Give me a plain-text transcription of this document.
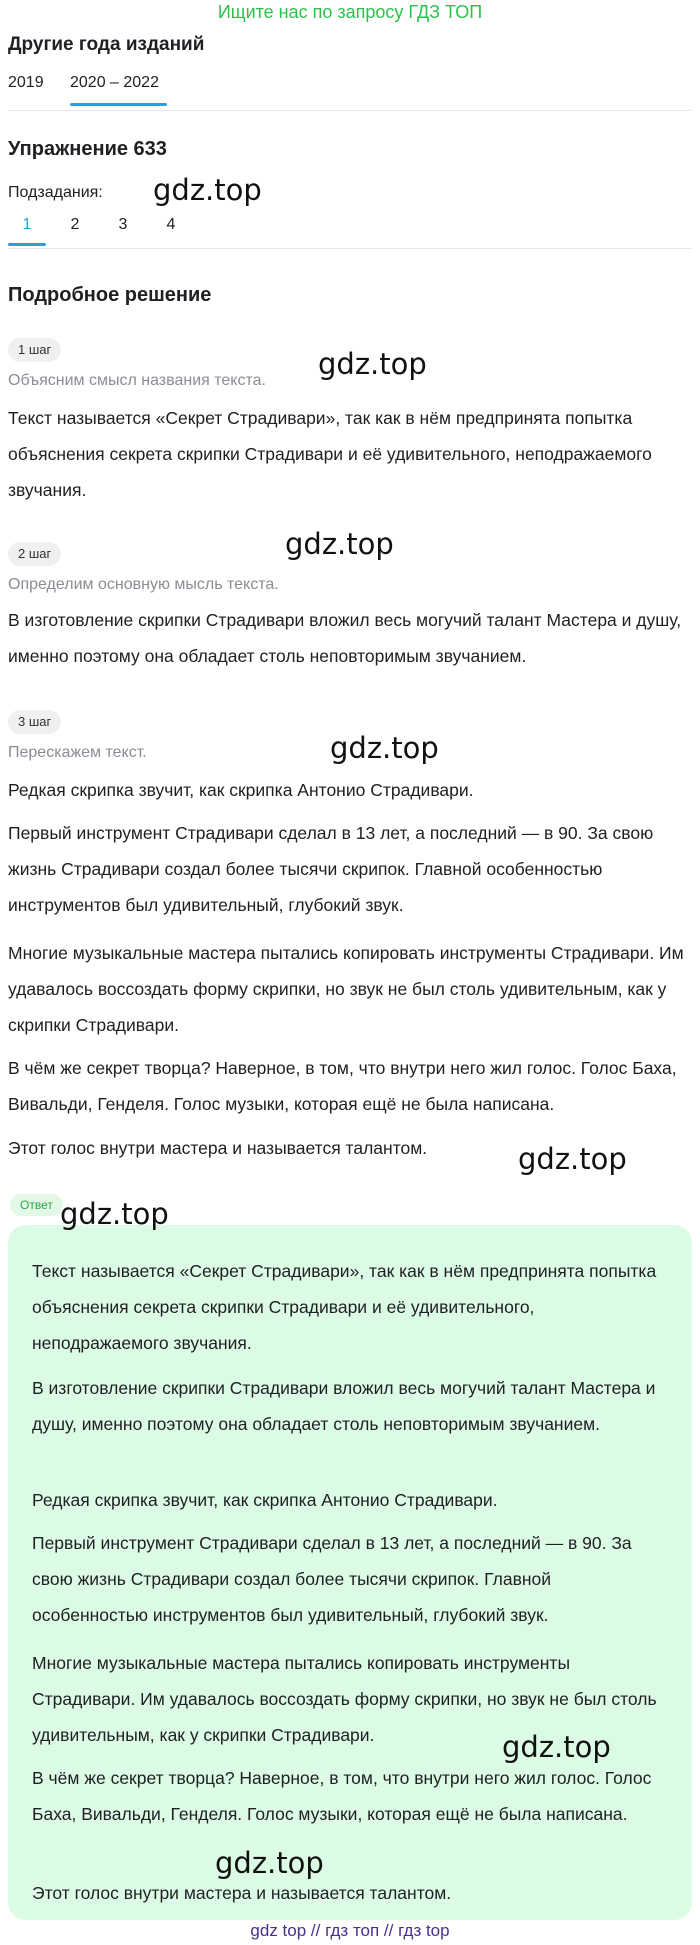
Ищите нас по запросу ГДЗ ТОП
Другие года изданий
2019 2020 – 2022
Упражнение 633
Подзадания: gdz.top
1	2	3	4
Подробное решение
1 шаг
Объясним смысл названия текста. gdz.top

Текст называется «Секрет Страдивари», так как в нём предпринята попытка объяснения секрета скрипки Страдивари и её удивительного, неподражаемого звучания.

2 шаг	gdz.top
Определим основную мысль текста.

В изготовление скрипки Страдивари вложил весь могучий талант Мастера и душу, именно поэтому она обладает столь неповторимым звучанием.

3 шаг
Перескажем текст.	gdz.top

Редкая скрипка звучит, как скрипка Антонио Страдивари.

Первый инструмент Страдивари сделал в 13 лет, а последний — в 90. За свою жизнь Страдивари создал более тысячи скрипок. Главной особенностью инструментов был удивительный, глубокий звук.

Многие музыкальные мастера пытались копировать инструменты Страдивари. Им удавалось воссоздать форму скрипки, но звук не был столь удивительным, как у скрипки Страдивари.

В чём же секрет творца? Наверное, в том, что внутри него жил голос. Голос Баха, Вивальди, Генделя. Голос музыки, которая ещё не была написана.

Этот голос внутри мастера и называется талантом.	gdz.top
Ответ

Текст называется «Секрет Страдивари», так как в нём предпринята попытка объяснения секрета скрипки Страдивари и её удивительного, неподражаемого звучания.

В изготовление скрипки Страдивари вложил весь могучий талант Мастера и душу, именно поэтому она обладает столь неповторимым звучанием.

Редкая скрипка звучит, как скрипка Антонио Страдивари.

Первый инструмент Страдивари сделал в 13 лет, а последний — в 90. За свою жизнь Страдивари создал более тысячи скрипок. Главной особенностью инструментов был удивительный, глубокий звук.

Многие музыкальные мастера пытались копировать инструменты Страдивари. Им удавалось воссоздать форму скрипки, но звук не был столь удивительным, как у скрипки Страдивари.

В чём же секрет творца? Наверное, в том, что внутри него жил голос. Голос Баха, Вивальди, Генделя. Голос музыки, которая ещё не была написана.

Этот голос внутри мастера и называется талантом.

gdz.top
gdz.top
gdz.top
gdz top // гдз топ // гдз top
